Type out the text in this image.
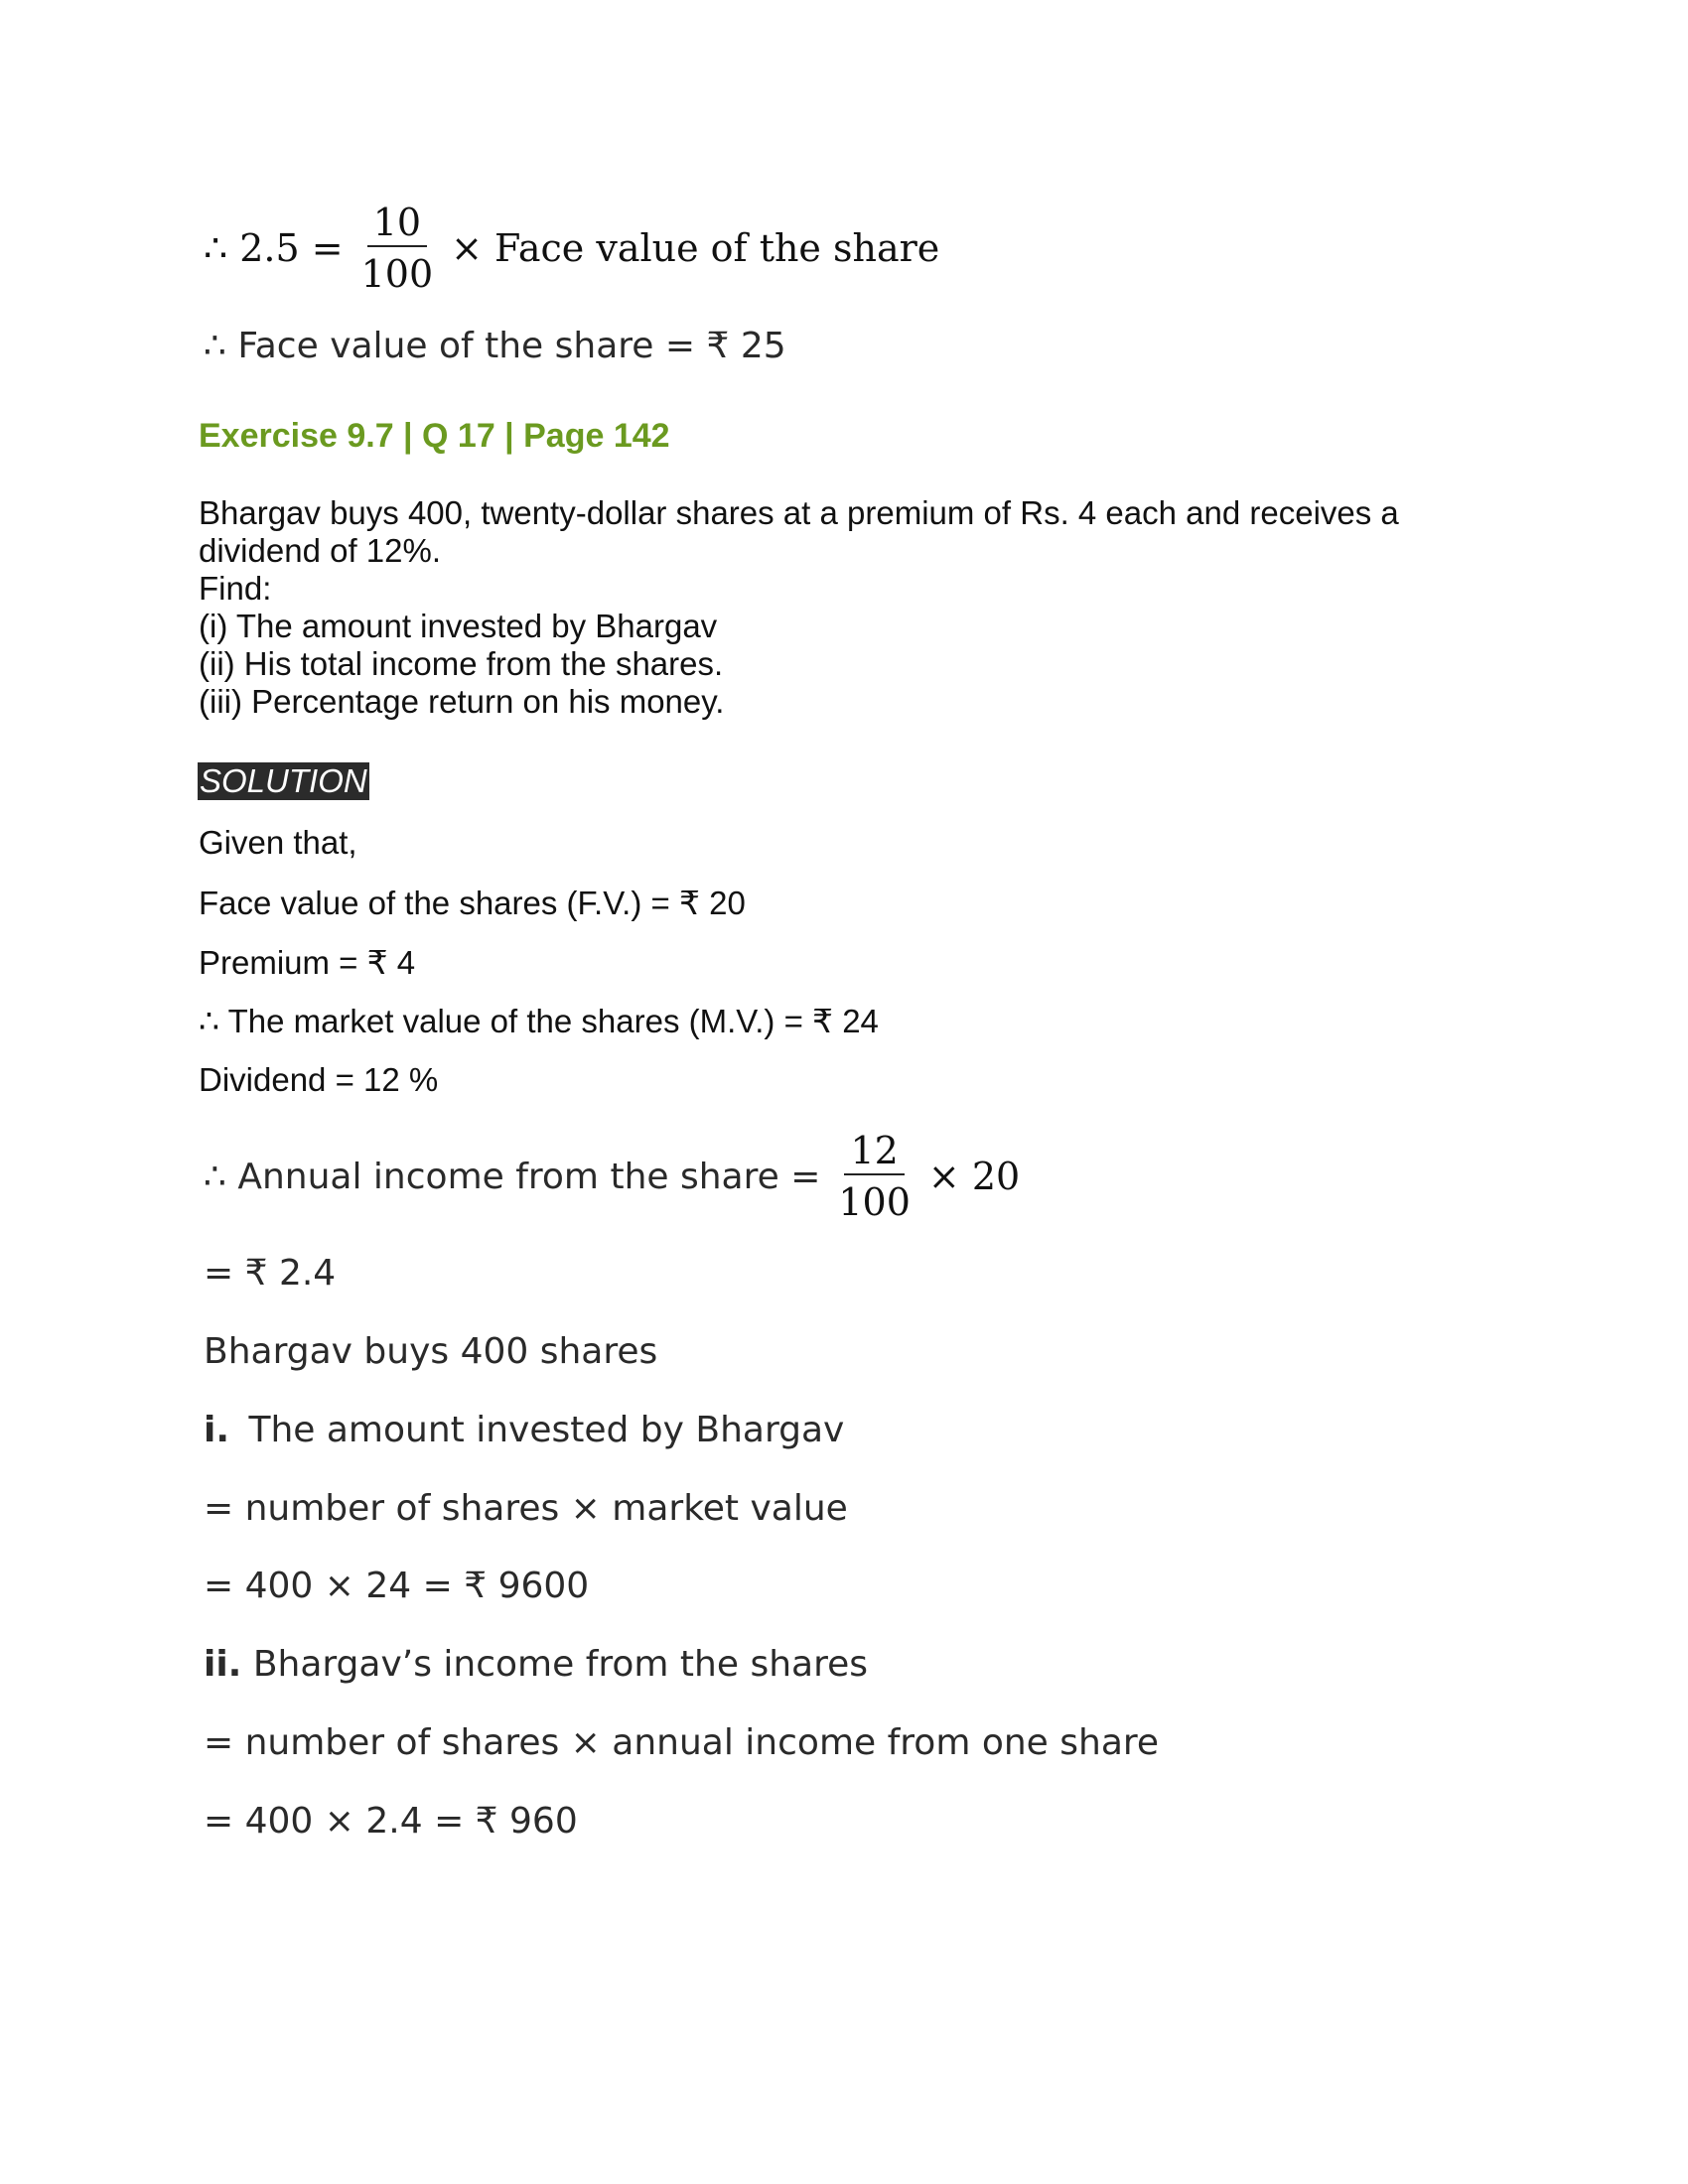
∴ $2.5 = \frac{10}{100}$ × Face value of the share
∴ Face value of the share = ₹ 25
Exercise 9.7 | Q 17 | Page 142
Bhargav buys 400, twenty-dollar shares at a premium of Rs. 4 each and receives a
dividend of 12%.
Find:
(i) The amount invested by Bhargav
(ii) His total income from the shares.
(iii) Percentage return on his money.
SOLUTION
Given that,
Face value of the shares (F.V.) = ₹ 20
Premium = ₹ 4
∴ The market value of the shares (M.V.) = ₹ 24
Dividend = 12 %
∴ Annual income from the share = $\frac{12}{100} \times 20$
= ₹ 2.4
Bhargav buys 400 shares
i. The amount invested by Bhargav
= number of shares × market value
= 400 × 24 = ₹ 9600
ii. Bhargav’s income from the shares
= number of shares × annual income from one share
= 400 × 2.4 = ₹ 960
